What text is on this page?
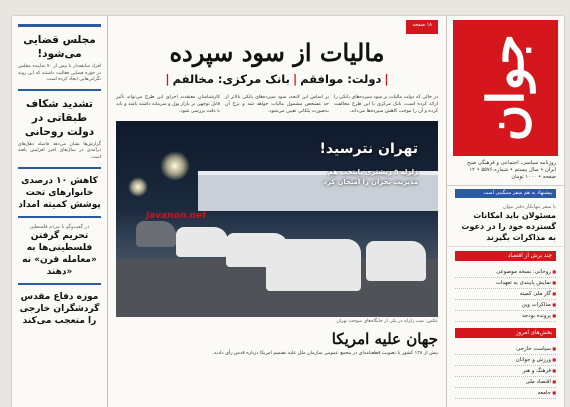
جوان
روزنامه سیاسی، اجتماعی و فرهنگی صبح ایران • سال بیستم • شماره ۵۵۷۶ • ۱۲ صفحه • ۱۰۰۰ تومان
پیشنهاد به هم سفر سنگینی است
با سفر پنهانکار دفتر نیوان
مسئولان باید امکانات گسترده خود را در دعوت به مذاکرات بگیرند
چند برش از اقتصاد
■ روحانی: نسخه موضوعی
■ نمایش پایبندی به تعهدات
■ گاز ملی کمیته
■ مذاکرات وین
■ پرونده بودجه
بخش‌های امروز
■ سیاست خارجی
■ ورزش و جوانان
■ فرهنگ و هنر
■ اقتصاد ملی
■ جامعه
۱۸ صفحه
مالیات از سود سپرده
|دولت: موافقم|بانک مرکزی: مخالفم|

در حالی که دولت مالیات بر سود سپرده‌های بانکی را ارائه کرده است، بانک مرکزی با این طرح مخالفت کرده و آن را موجب کاهش سپرده‌ها می‌داند.

بر اساس این لایحه، سود سپرده‌های بانکی بالاتر از حد مشخص مشمول مالیات خواهد شد و نرخ آن به‌صورت پلکانی تعیین می‌شود.

کارشناسان معتقدند اجرای این طرح می‌تواند تأثیر قابل توجهی بر بازار پول و سرمایه داشته باشد و باید با دقت بررسی شود.

تهران نترسید!
زلزله ۵ ریشتری پایتخت هم
مدیریت بحران را امتحان کرد
javanon.net
عکس: شب زلزله در یکی از جایگاه‌های سوخت تهران
جهان علیه امریکا
بیش از ۱۲۸ کشور با تصویب قطعنامه‌ای در مجمع عمومی سازمان ملل علیه تصمیم امریکا درباره قدس رأی دادند.
مجلس قضایی می‌شود!
افراد سابقه‌دار با بیش از ۷۰ نماینده مجلس در حوزه قضایی فعالیت داشتند که این روند نگرانی‌هایی ایجاد کرده است.
تشدید شکاف طبقاتی در دولت روحانی
گزارش‌ها نشان می‌دهد فاصله دهک‌های درآمدی در سال‌های اخیر افزایش یافته است.
کاهش ۱۰ درصدی خانوارهای تحت پوشش کمیته امداد
در گفت‌وگو با مردم فلسطین
تحریم گرفتن فلسطینی‌ها به «معامله قرن» نه «دهند
موزه دفاع مقدس گردشگران خارجی را متعجب می‌کند
